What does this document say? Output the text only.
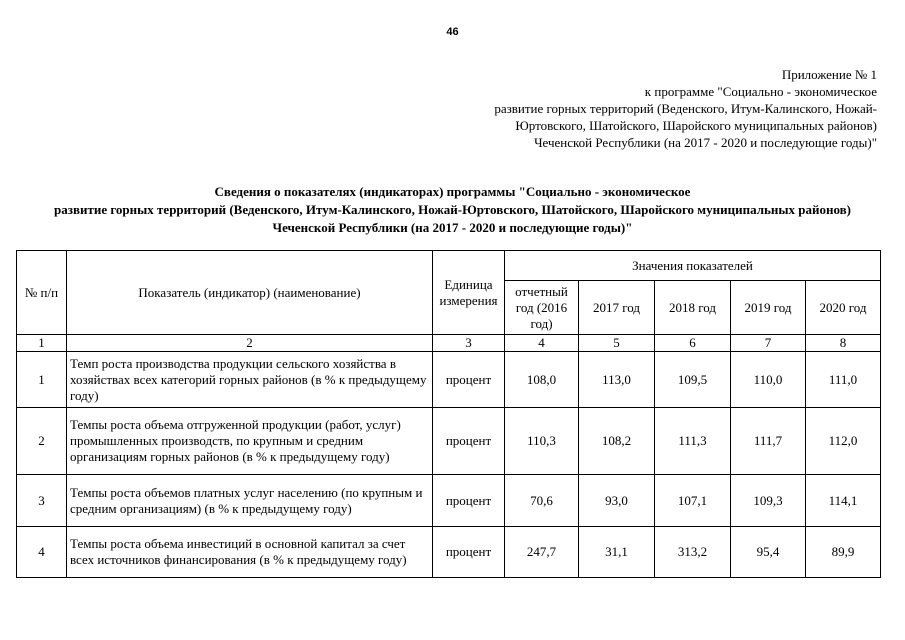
46
Приложение № 1
к программе "Социально - экономическое
развитие горных территорий (Веденского, Итум-Калинского, Ножай-
Юртовского, Шатойского, Шаройского муниципальных районов)
Чеченской Республики (на 2017 - 2020 и последующие годы)"
Сведения о показателях (индикаторах) программы "Социально - экономическое
развитие горных территорий (Веденского, Итум-Калинского, Ножай-Юртовского, Шатойского, Шаройского муниципальных районов)
Чеченской Республики (на 2017 - 2020 и последующие годы)"
№ п/п	Показатель (индикатор) (наименование)	Единица измерения	Значения показателей				
			отчетный год (2016 год)	2017 год	2018 год	2019 год	2020 год
1	2	3	4	5	6	7	8
1	Темп роста производства продукции сельского хозяйства в хозяйствах всех категорий горных районов (в % к предыдущему году)	процент	108,0	113,0	109,5	110,0	111,0
2	Темпы роста объема отгруженной продукции (работ, услуг) промышленных производств, по крупным и средним организациям горных районов (в % к предыдущему году)	процент	110,3	108,2	111,3	111,7	112,0
3	Темпы роста объемов платных услуг населению (по крупным и средним организациям) (в % к предыдущему году)	процент	70,6	93,0	107,1	109,3	114,1
4	Темпы роста объема инвестиций в основной капитал за счет всех источников финансирования (в % к предыдущему году)	процент	247,7	31,1	313,2	95,4	89,9
